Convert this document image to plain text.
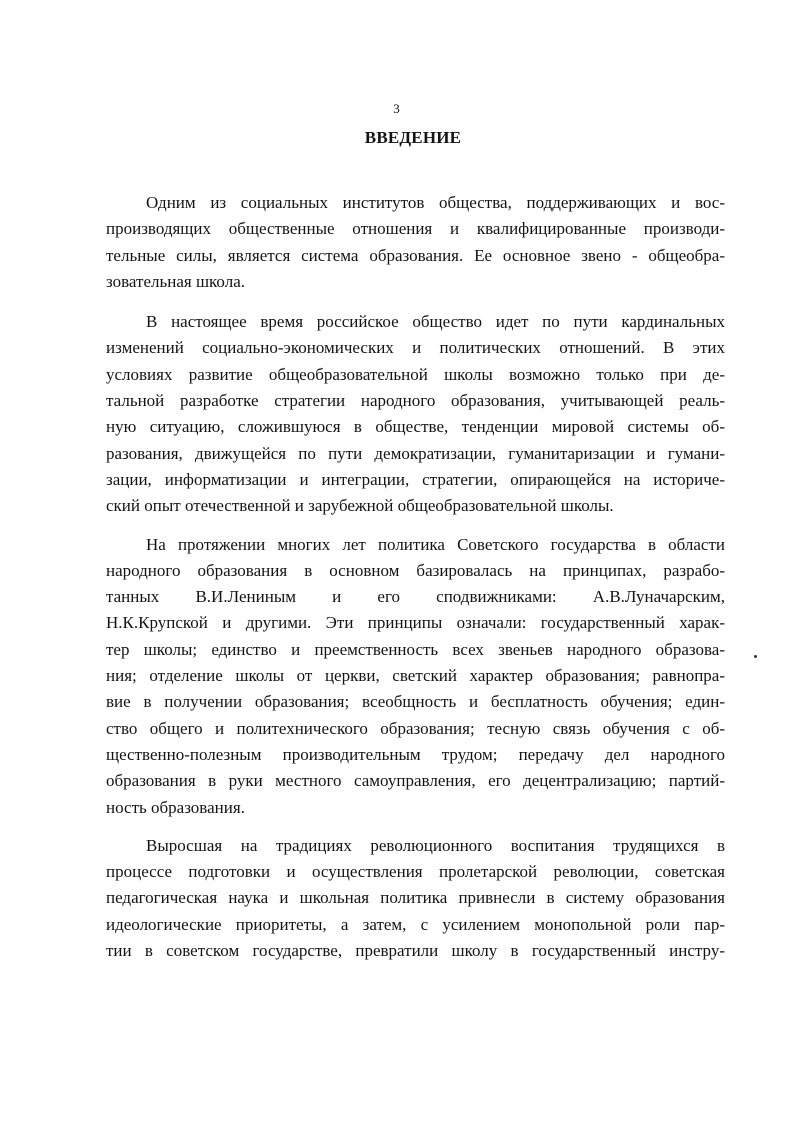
3
ВВЕДЕНИЕ

Одним из социальных институтов общества, поддерживающих и вос-
производящих общественные отношения и квалифицированные производи-
тельные силы, является система образования. Ее основное звено - общеобра-
зовательная школа.

В настоящее время российское общество идет по пути кардинальных
изменений социально-экономических и политических отношений. В этих
условиях развитие общеобразовательной школы возможно только при де-
тальной разработке стратегии народного образования, учитывающей реаль-
ную ситуацию, сложившуюся в обществе, тенденции мировой системы об-
разования, движущейся по пути демократизации, гуманитаризации и гумани-
зации, информатизации и интеграции, стратегии, опирающейся на историче-
ский опыт отечественной и зарубежной общеобразовательной школы.

На протяжении многих лет политика Советского государства в области
народного образования в основном базировалась на принципах, разрабо-
танных В.И.Лениным и его сподвижниками: А.В.Луначарским,
Н.К.Крупской и другими. Эти принципы означали: государственный харак-
тер школы; единство и преемственность всех звеньев народного образова-
ния; отделение школы от церкви, светский характер образования; равнопра-
вие в получении образования; всеобщность и бесплатность обучения; един-
ство общего и политехнического образования; тесную связь обучения с об-
щественно-полезным производительным трудом; передачу дел народного
образования в руки местного самоуправления, его децентрализацию; партий-
ность образования.

Выросшая на традициях революционного воспитания трудящихся в
процессе подготовки и осуществления пролетарской революции, советская
педагогическая наука и школьная политика привнесли в систему образования
идеологические приоритеты, а затем, с усилением монопольной роли пар-
тии в советском государстве, превратили школу в государственный инстру-
